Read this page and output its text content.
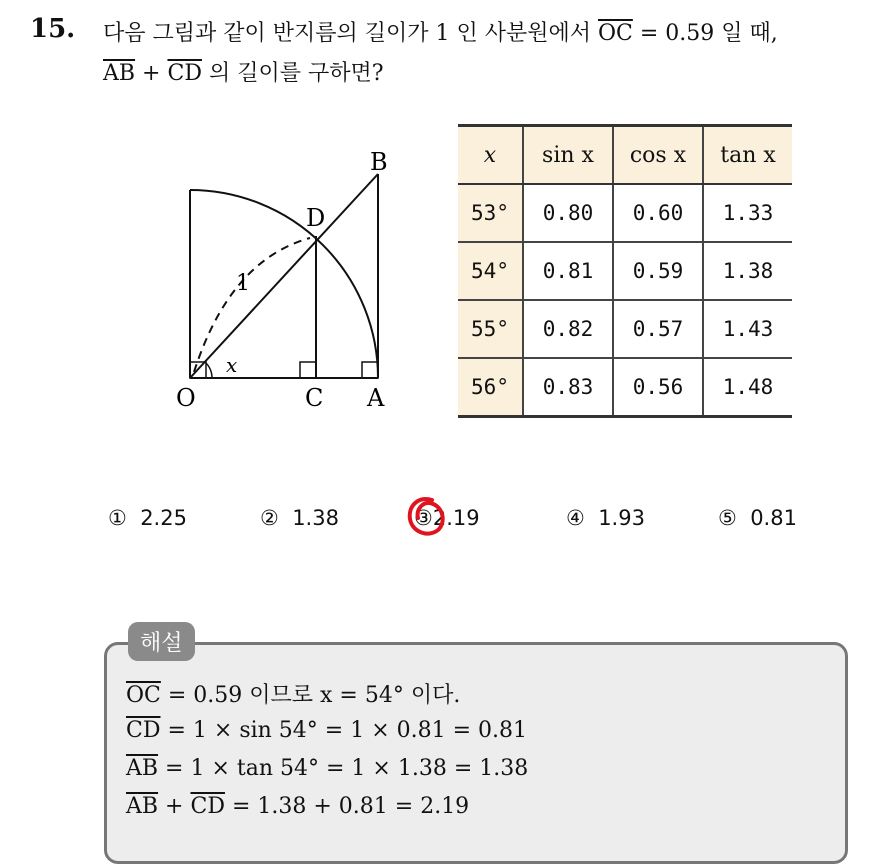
15. 다음 그림과 같이 반지름의 길이가 1 인 사분원에서 $\overline{OC} = 0.59$ 일 때,
$\overline{AB} + \overline{CD}$ 의 길이를 구하면?
O	C A
B
D
1
x
x	sin x	cos x	tan x
53°	0.80	0.60	1.33
54°	0.81	0.59	1.38
55°	0.82	0.57	1.43
56°	0.83	0.56	1.48
① 2.25	② 1.38	③2.19	④ 1.93	⑤ 0.81
해설
$\overline{OC} = 0.59$ 이므로 x = 54° 이다.
$\overline{CD} = 1 \times \sin 54^\circ = 1 \times 0.81 = 0.81$
$\overline{AB} = 1 \times \tan 54^\circ = 1 \times 1.38 = 1.38$
$\overline{AB} + \overline{CD} = 1.38 + 0.81 = 2.19$
